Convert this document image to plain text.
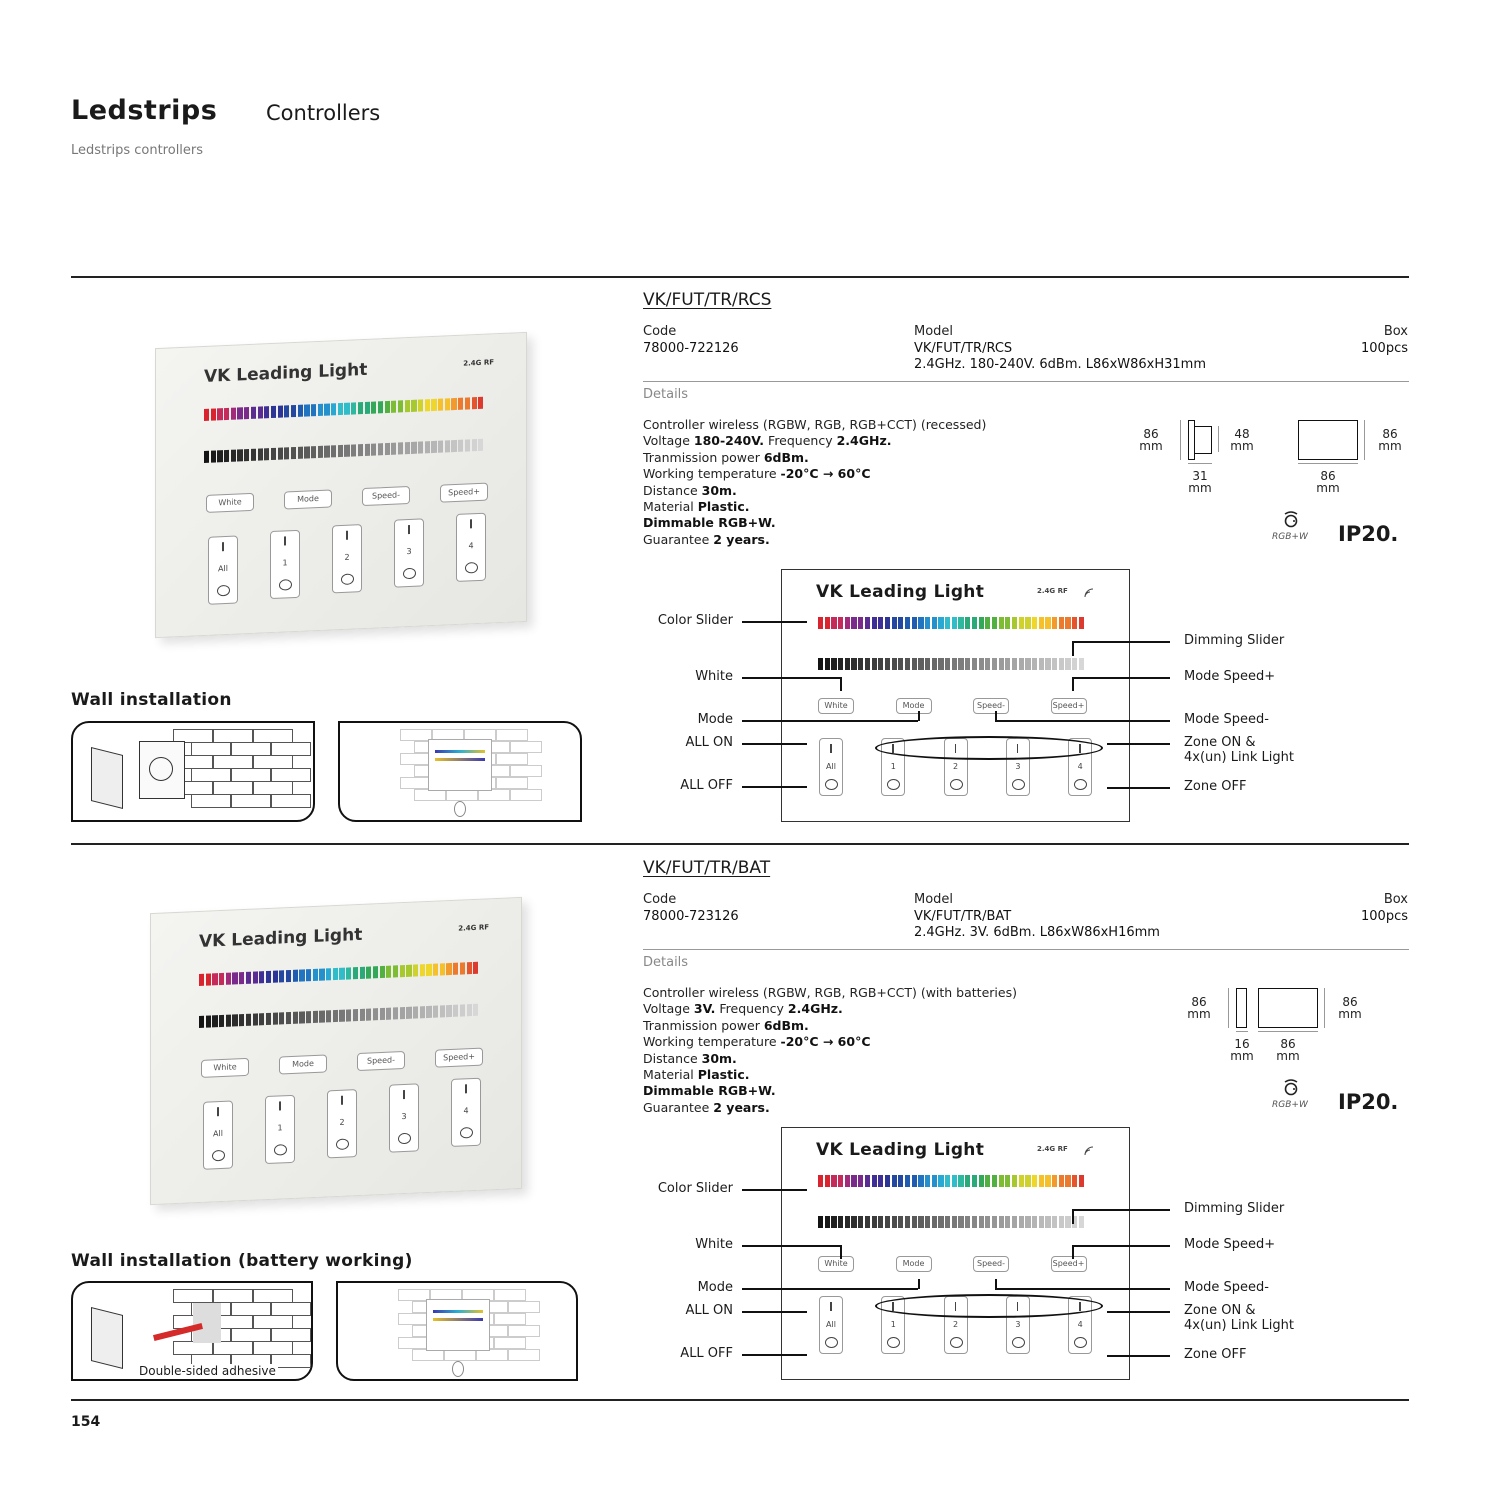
Ledstrips Controllers
Ledstrips controllers
VK/FUT/TR/RCS
Code
78000-722126
Model
VK/FUT/TR/RCS
2.4GHz. 180-240V. 6dBm. L86xW86xH31mm
Box
100pcs
Details
Controller wireless (RGBW, RGB, RGB+CCT) (recessed)
Voltage 180-240V. Frequency 2.4GHz.
Tranmission power 6dBm.
Working temperature -20°C → 60°C
Distance 30m.
Material Plastic.
Dimmable RGB+W.
Guarantee 2 years.
86
mm
48
mm
31
mm
86
mm
86
mm
RGB+W IP20.
VK Leading Light	2.4G RF
White	Mode	Speed-	Speed+
All
1
2
3
4
Wall installation
VK Leading Light	2.4G RF
White	Mode	Speed-	Speed+
All	1	2	3	4
Color Slider
White
Mode
ALL ON
ALL OFF
Dimming Slider
Mode Speed+
Mode Speed-
Zone ON &
4x(un) Link Light
Zone OFF
VK/FUT/TR/BAT
Code
78000-723126
Model
VK/FUT/TR/BAT
2.4GHz. 3V. 6dBm. L86xW86xH16mm
Box
100pcs
Details
Controller wireless (RGBW, RGB, RGB+CCT) (with batteries)
Voltage 3V. Frequency 2.4GHz.
Tranmission power 6dBm.
Working temperature -20°C → 60°C
Distance 30m.
Material Plastic.
Dimmable RGB+W.
Guarantee 2 years.
86
mm
16
mm
86
mm
86
mm
RGB+W IP20.
VK Leading Light	2.4G RF
White	Mode	Speed-	Speed+
All
1
2
3
4
Wall installation (battery working)
Double-sided adhesive
VK Leading Light	2.4G RF
White	Mode	Speed-	Speed+
All	1	2	3	4
Color Slider
White
Mode
ALL ON
ALL OFF
Dimming Slider
Mode Speed+
Mode Speed-
Zone ON &
4x(un) Link Light
Zone OFF
154
